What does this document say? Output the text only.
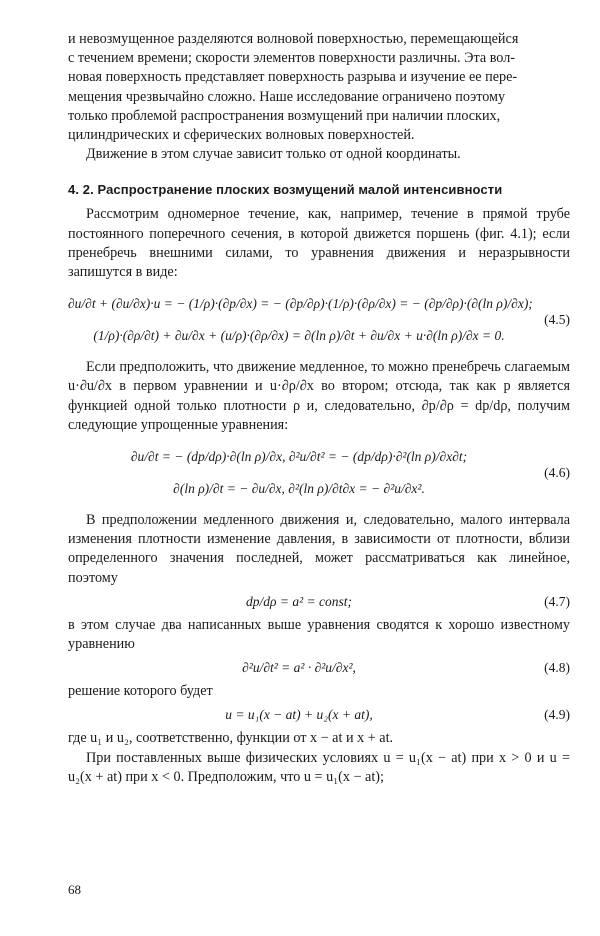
и невозмущенное разделяются волновой поверхностью, перемещающейся

с течением времени; скорости элементов поверхности различны. Эта вол-

новая поверхность представляет поверхность разрыва и изучение ее пере-

мещения чрезвычайно сложно. Наше исследование ограничено поэтому

только проблемой распространения возмущений при наличии плоских,

цилиндрических и сферических волновых поверхностей.

Движение в этом случае зависит только от одной координаты.

4. 2. Распространение плоских возмущений малой интенсивности

Рассмотрим одномерное течение, как, например, течение в прямой трубе постоянного поперечного сечения, в которой движется поршень (фиг. 4.1); если пренебречь внешними силами, то уравнения движения и неразрывности запишутся в виде:

∂u/∂t + (∂u/∂x)·u = − (1/ρ)·(∂p/∂x) = − (∂p/∂ρ)·(1/ρ)·(∂ρ/∂x) = − (∂p/∂ρ)·(∂(ln ρ)/∂x);
(1/ρ)·(∂ρ/∂t) + ∂u/∂x + (u/ρ)·(∂ρ/∂x) = ∂(ln ρ)/∂t + ∂u/∂x + u·∂(ln ρ)/∂x = 0.
(4.5)

Если предположить, что движение медленное, то можно пренебречь слагаемым u·∂u/∂x в первом уравнении и u·∂ρ/∂x во втором; отсюда, так как p является функцией одной только плотности ρ и, следовательно, ∂p/∂ρ = dp/dρ, получим следующие упрощенные уравнения:

∂u/∂t = − (dp/dρ)·∂(ln ρ)/∂x, ∂²u/∂t² = − (dp/dρ)·∂²(ln ρ)/∂x∂t;
∂(ln ρ)/∂t = − ∂u/∂x, ∂²(ln ρ)/∂t∂x = − ∂²u/∂x².
(4.6)

В предположении медленного движения и, следовательно, малого интервала изменения плотности изменение давления, в зависимости от плотности, вблизи определенного значения последней, может рассматриваться как линейное, поэтому

dp/dρ = a² = const;	(4.7)

в этом случае два написанных выше уравнения сводятся к хорошо известному уравнению

∂²u/∂t² = a² · ∂²u/∂x²,	(4.8)

решение которого будет

u = u₁(x − at) + u₂(x + at),	(4.9)

где u₁ и u₂, соответственно, функции от x − at и x + at.

При поставленных выше физических условиях u = u₁(x − at) при x > 0 и u = u₂(x + at) при x < 0. Предположим, что u = u₁(x − at);

68
